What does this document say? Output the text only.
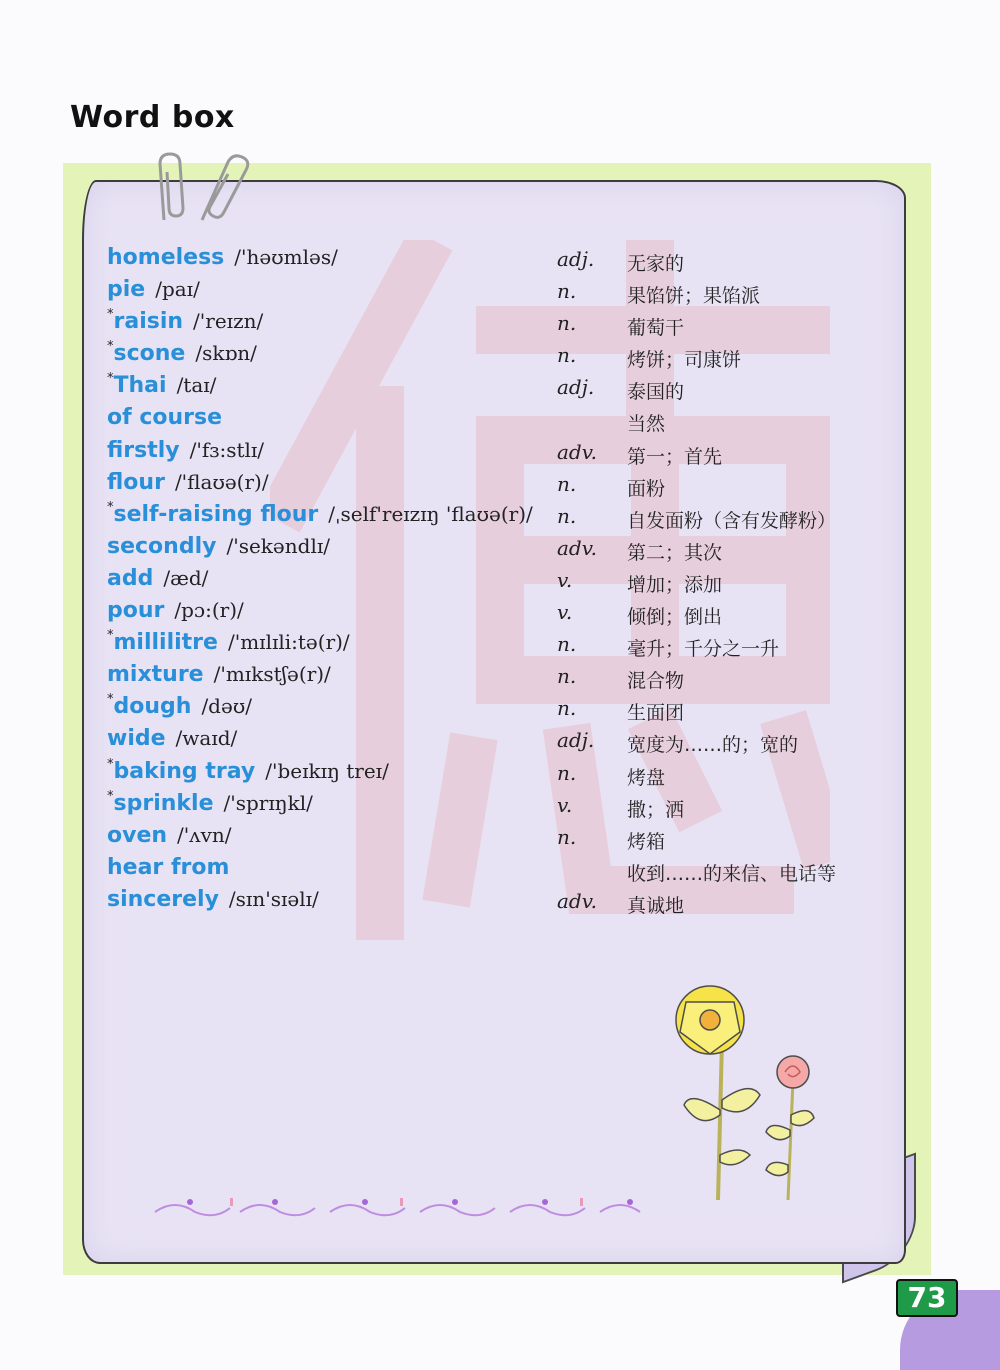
Word box
homeless /'həʊmləs/	adj. 无家的
pie /paɪ/	n.	果馅饼；果馅派
*raisin /'reɪzn/	n.	葡萄干
*scone /skɒn/	n.	烤饼；司康饼
*Thai /taɪ/	adj. 泰国的
of course	当然
firstly /'fɜ:stlɪ/	adv. 第一；首先
flour /'flaʊə(r)/	n.	面粉
*self-raising flour /ˌself'reɪzɪŋ 'flaʊə(r)/ n.	自发面粉（含有发酵粉）
secondly /'sekəndlɪ/	adv. 第二；其次
add /æd/	v.	增加；添加
pour /pɔ:(r)/	v.	倾倒；倒出
*millilitre /'mɪlɪli:tə(r)/	n.	毫升；千分之一升
mixture /'mɪkstʃə(r)/	n.	混合物
*dough /dəʊ/	n.	生面团
wide /waɪd/	adj. 宽度为……的；宽的
*baking tray /'beɪkɪŋ treɪ/	n.	烤盘
*sprinkle /'sprɪŋkl/	v.	撒；洒
oven /'ʌvn/	n.	烤箱
hear from	收到……的来信、电话等
sincerely /sɪn'sɪəlɪ/	adv. 真诚地
73
